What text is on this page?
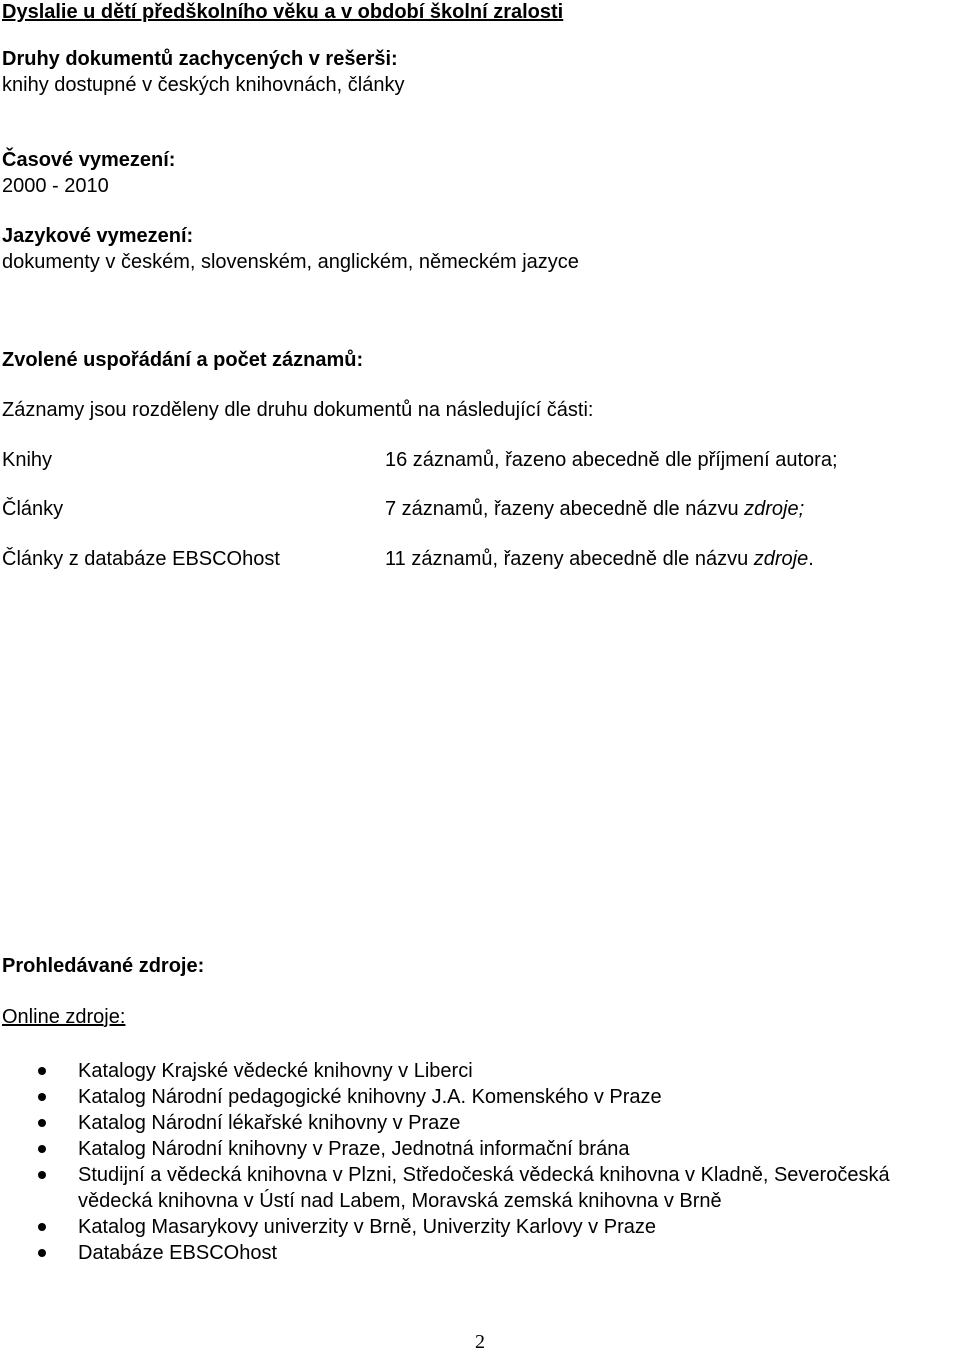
Dyslalie u dětí předškolního věku a v období školní zralosti
Druhy dokumentů zachycených v rešerši:
knihy dostupné v českých knihovnách, články
Časové vymezení:
2000 - 2010
Jazykové vymezení:
dokumenty v českém, slovenském, anglickém, německém jazyce
Zvolené uspořádání a počet záznamů:
Záznamy jsou rozděleny dle druhu dokumentů na následující části:
Knihy	16 záznamů, řazeno abecedně dle příjmení autora;
Články	7 záznamů, řazeny abecedně dle názvu zdroje;
Články z databáze EBSCOhost	11 záznamů, řazeny abecedně dle názvu zdroje.
Prohledávané zdroje:
Online zdroje:
Katalogy Krajské vědecké knihovny v Liberci
Katalog Národní pedagogické knihovny J.A. Komenského v Praze
Katalog Národní lékařské knihovny v Praze
Katalog Národní knihovny v Praze, Jednotná informační brána
Studijní a vědecká knihovna v Plzni, Středočeská vědecká knihovna v Kladně, Severočeská vědecká knihovna v Ústí nad Labem, Moravská zemská knihovna v Brně
Katalog Masarykovy univerzity v Brně, Univerzity Karlovy v Praze
Databáze EBSCOhost
2
